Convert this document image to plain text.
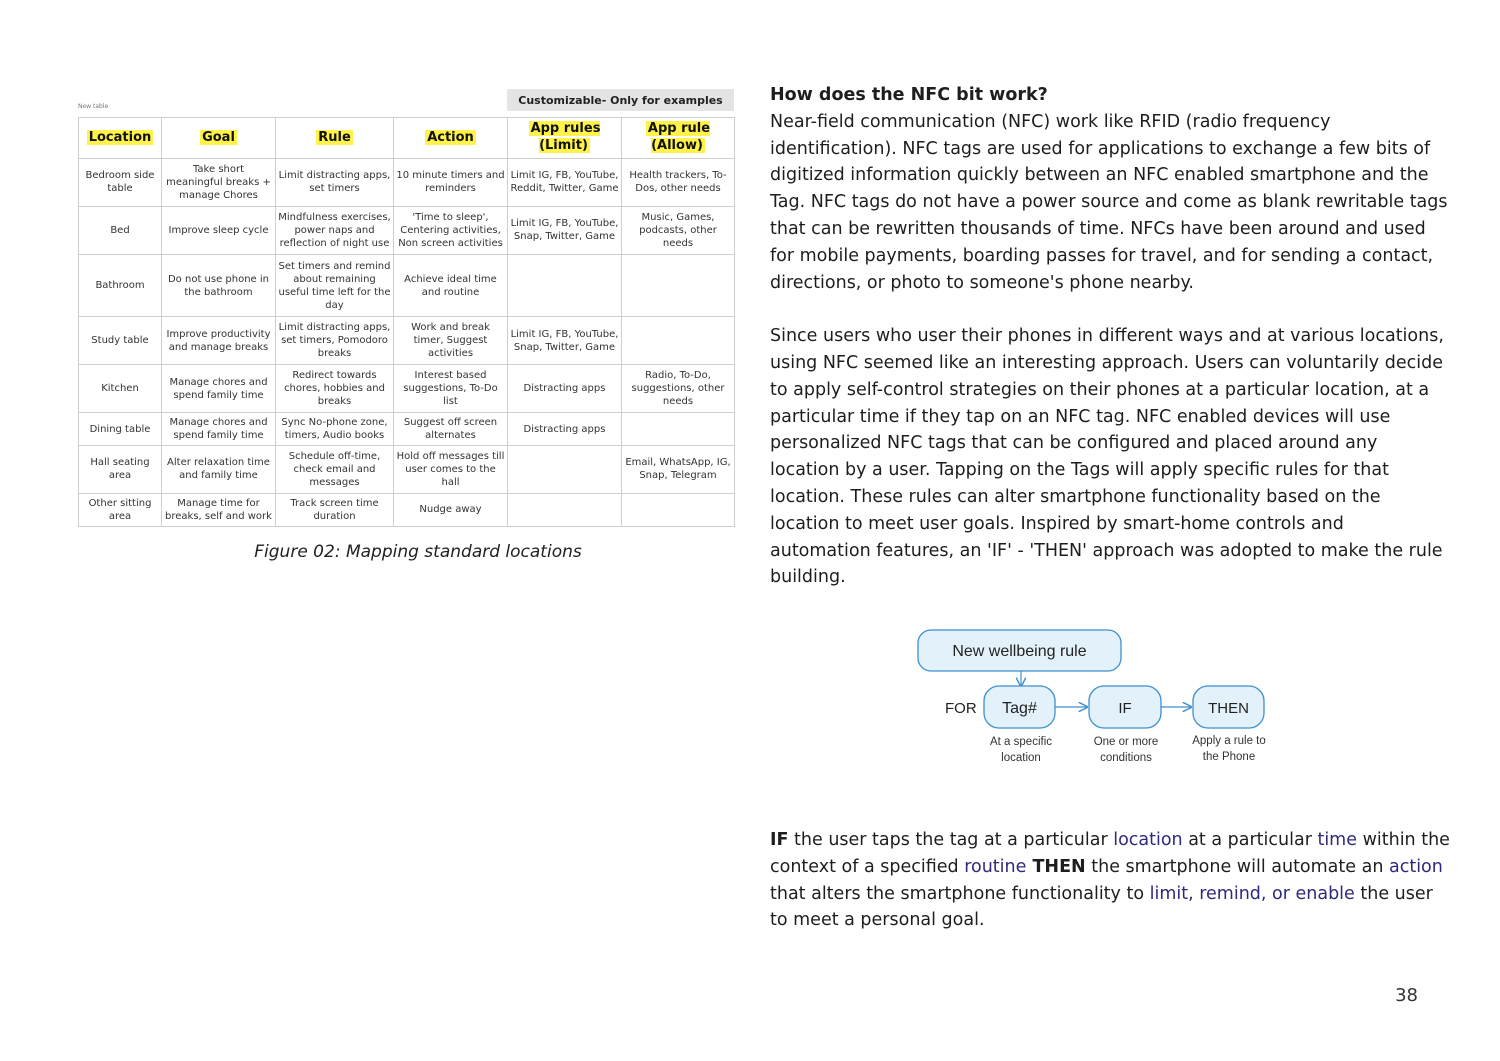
New table	Customizable- Only for examples
Location	Goal	Rule	Action	App rules (Limit)	App rule (Allow)
Bedroom side table	Take short meaningful breaks + manage Chores	Limit distracting apps, set timers	10 minute timers and reminders	Limit IG, FB, YouTube, Reddit, Twitter, Game	Health trackers, To-Dos, other needs
Bed	Improve sleep cycle	Mindfulness exercises, power naps and reflection of night use	'Time to sleep', Centering activities, Non screen activities	Limit IG, FB, YouTube, Snap, Twitter, Game	Music, Games, podcasts, other needs
Bathroom	Do not use phone in the bathroom	Set timers and remind about remaining useful time left for the day	Achieve ideal time and routine		
Study table	Improve productivity and manage breaks	Limit distracting apps, set timers, Pomodoro breaks	Work and break timer, Suggest activities	Limit IG, FB, YouTube, Snap, Twitter, Game	
Kitchen	Manage chores and spend family time	Redirect towards chores, hobbies and breaks	Interest based suggestions, To-Do list	Distracting apps	Radio, To-Do, suggestions, other needs
Dining table	Manage chores and spend family time	Sync No-phone zone, timers, Audio books	Suggest off screen alternates	Distracting apps	
Hall seating area	Alter relaxation time and family time	Schedule off-time, check email and messages	Hold off messages till user comes to the hall		Email, WhatsApp, IG, Snap, Telegram
Other sitting area	Manage time for breaks, self and work	Track screen time duration	Nudge away		
Figure 02: Mapping standard locations

How does the NFC bit work?

Near-field communication (NFC) work like RFID (radio frequency identification). NFC tags are used for applications to exchange a few bits of digitized information quickly between an NFC enabled smartphone and the Tag. NFC tags do not have a power source and come as blank rewritable tags that can be rewritten thousands of time. NFCs have been around and used for mobile payments, boarding passes for travel, and for sending a contact, directions, or photo to someone's phone nearby.

Since users who user their phones in different ways and at various locations, using NFC seemed like an interesting approach. Users can voluntarily decide to apply self-control strategies on their phones at a particular location, at a particular time if they tap on an NFC tag. NFC enabled devices will use personalized NFC tags that can be configured and placed around any location by a user. Tapping on the Tags will apply specific rules for that location. These rules can alter smartphone functionality based on the location to meet user goals. Inspired by smart-home controls and automation features, an 'IF' - 'THEN' approach was adopted to make the rule building.

New wellbeing rule
FOR Tag#	IF	THEN
At a specific
location
One or more
conditions
Apply a rule to
the Phone

IF the user taps the tag at a particular location at a particular time within the context of a specified routine THEN the smartphone will automate an action that alters the smartphone functionality to limit, remind, or enable the user to meet a personal goal.

38
